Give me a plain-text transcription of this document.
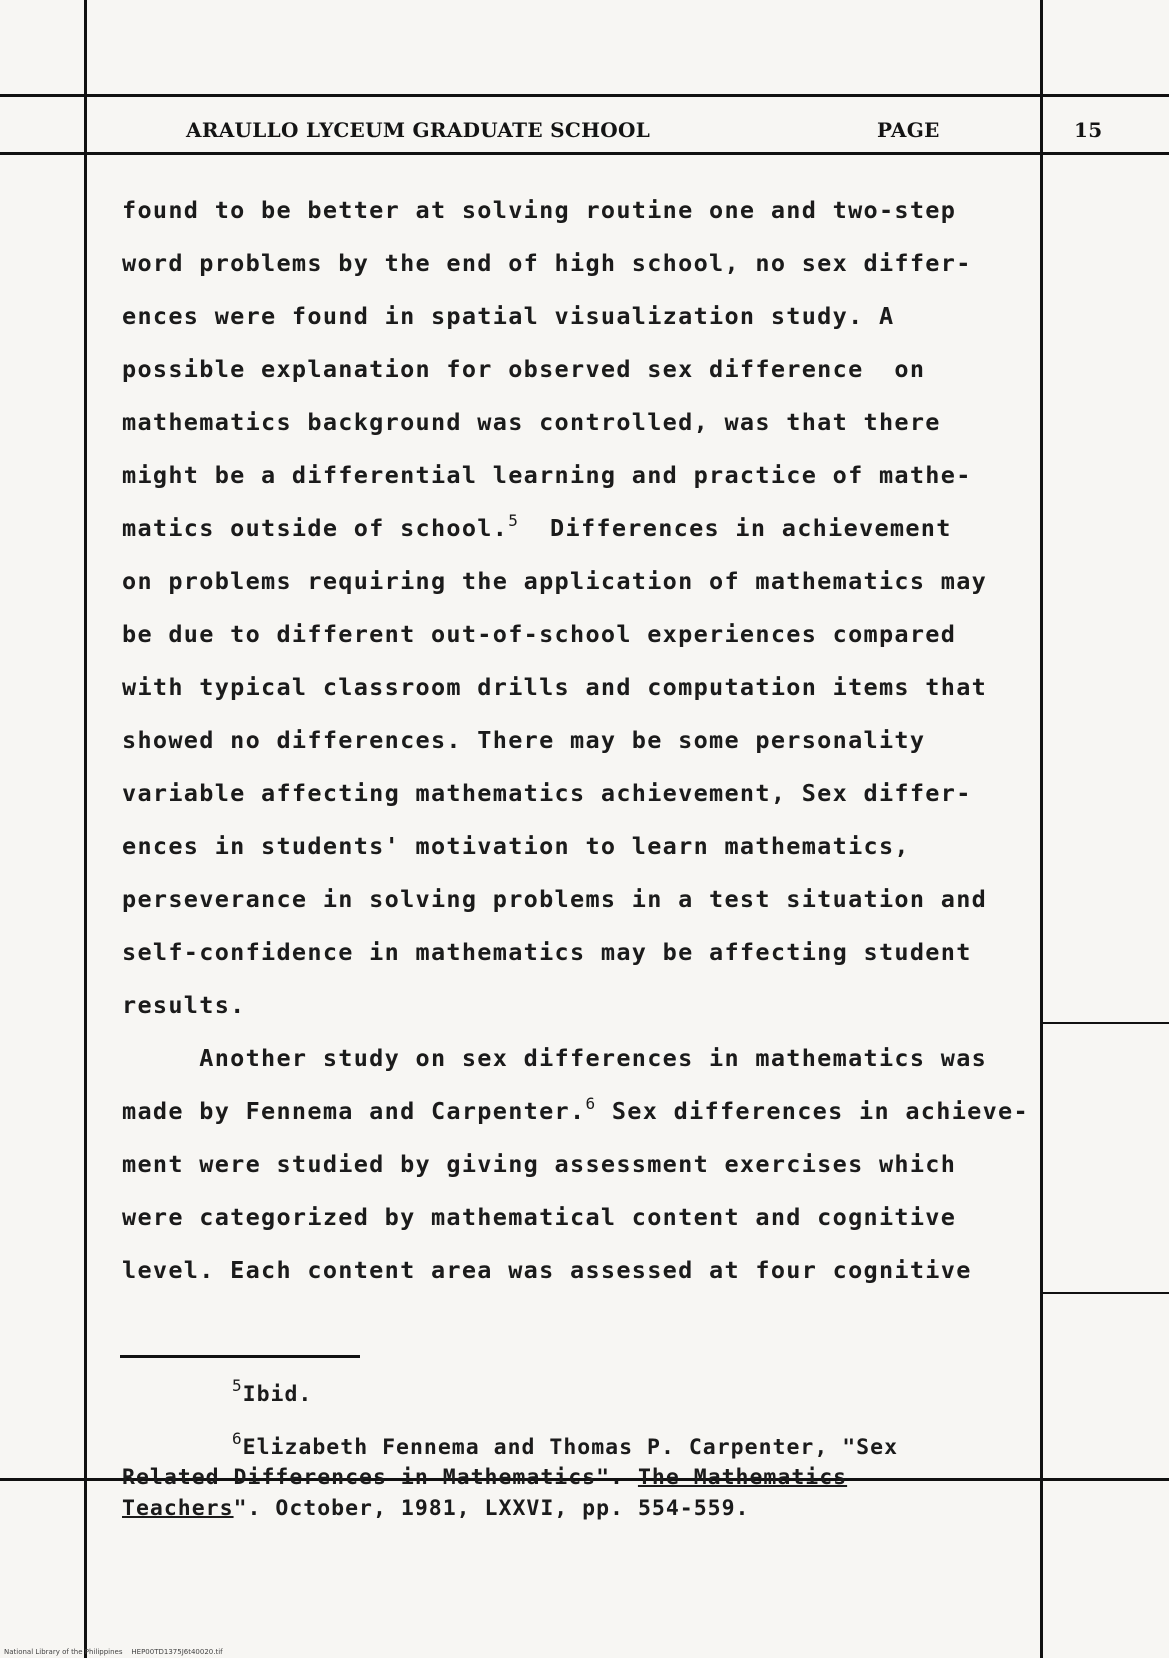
ARAULLO LYCEUM GRADUATE SCHOOL	PAGE	15
found to be better at solving routine one and two-step
word problems by the end of high school, no sex differ-
ences were found in spatial visualization study. A
possible explanation for observed sex difference  on
mathematics background was controlled, was that there
might be a differential learning and practice of mathe-
matics outside of school.$^5$  Differences in achievement
on problems requiring the application of mathematics may
be due to different out-of-school experiences compared
with typical classroom drills and computation items that
showed no differences. There may be some personality
variable affecting mathematics achievement, Sex differ-
ences in students' motivation to learn mathematics,
perseverance in solving problems in a test situation and
self-confidence in mathematics may be affecting student
results.
Another study on sex differences in mathematics was
made by Fennema and Carpenter.$^6$ Sex differences in achieve-
ment were studied by giving assessment exercises which
were categorized by mathematical content and cognitive
level. Each content area was assessed at four cognitive
$^5$Ibid.
$^6$Elizabeth Fennema and Thomas P. Carpenter, "Sex
Related Differences in Mathematics". The Mathematics
Teachers". October, 1981, LXXVI, pp. 554-559.
National Library of the Philippines    HEP00TD1375J6t40020.tif
